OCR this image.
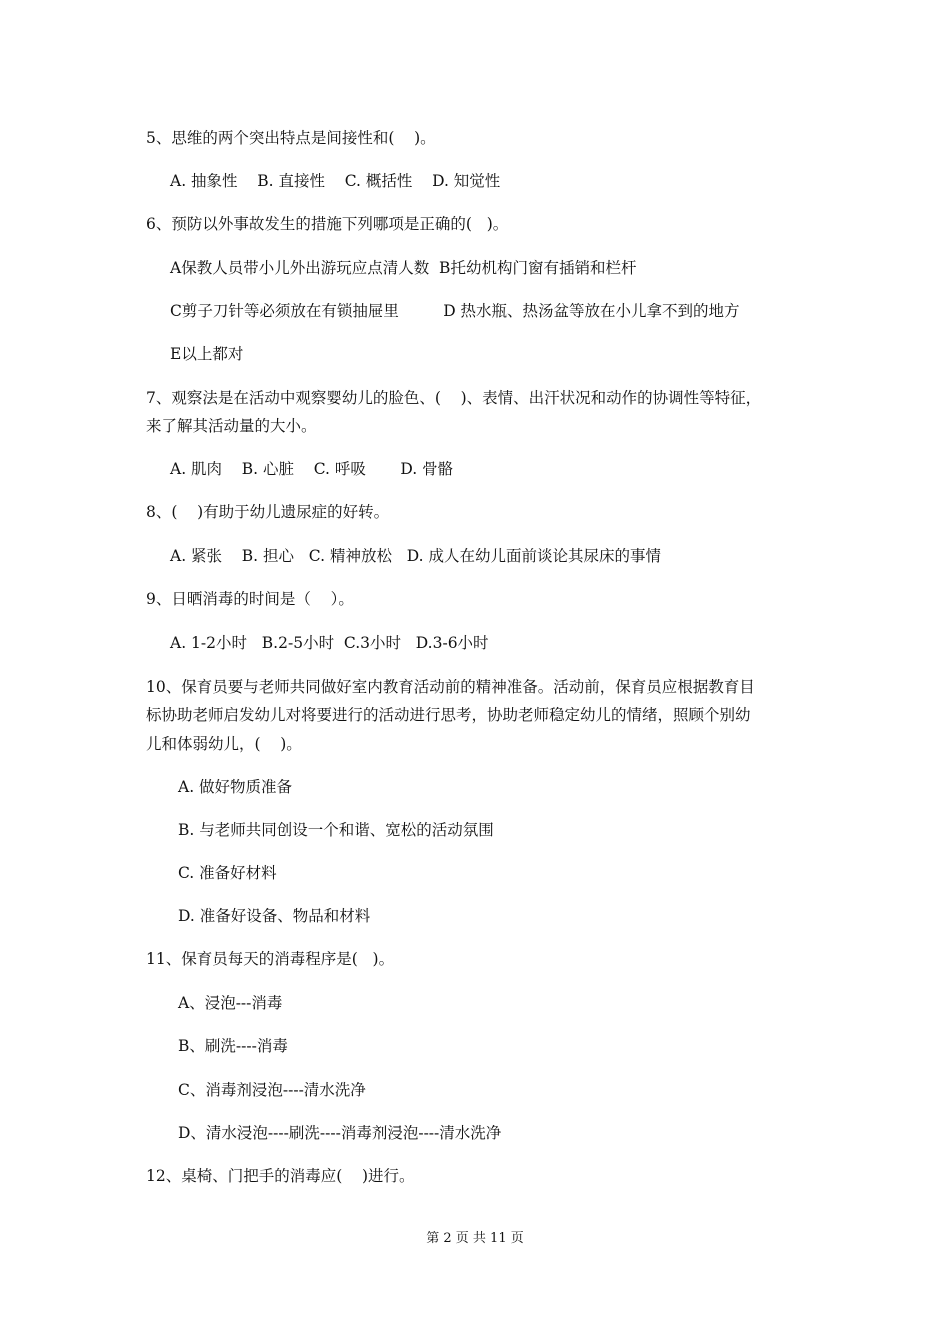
5、思维的两个突出特点是间接性和(    )。
A. 抽象性    B. 直接性    C. 概括性    D. 知觉性
6、预防以外事故发生的措施下列哪项是正确的(   )。
A保教人员带小儿外出游玩应点清人数  B托幼机构门窗有插销和栏杆
C剪子刀针等必须放在有锁抽屉里         D 热水瓶、热汤盆等放在小儿拿不到的地方
E以上都对
7、观察法是在活动中观察婴幼儿的脸色、(    )、表情、出汗状况和动作的协调性等特征，
来了解其活动量的大小。
A. 肌肉    B. 心脏    C. 呼吸       D. 骨骼
8、(    )有助于幼儿遗尿症的好转。
A. 紧张    B. 担心   C. 精神放松   D. 成人在幼儿面前谈论其尿床的事情
9、日晒消毒的时间是（    ）。
A. 1-2小时   B.2-5小时  C.3小时   D.3-6小时
10、保育员要与老师共同做好室内教育活动前的精神准备。活动前，保育员应根据教育目
标协助老师启发幼儿对将要进行的活动进行思考，协助老师稳定幼儿的情绪，照顾个别幼
儿和体弱幼儿，(    )。
A. 做好物质准备
B. 与老师共同创设一个和谐、宽松的活动氛围
C. 准备好材料
D. 准备好设备、物品和材料
11、保育员每天的消毒程序是(   )。
A、浸泡---消毒
B、刷洗----消毒
C、消毒剂浸泡----清水洗净
D、清水浸泡----刷洗----消毒剂浸泡----清水洗净
12、桌椅、门把手的消毒应(    )进行。
第 2 页 共 11 页
